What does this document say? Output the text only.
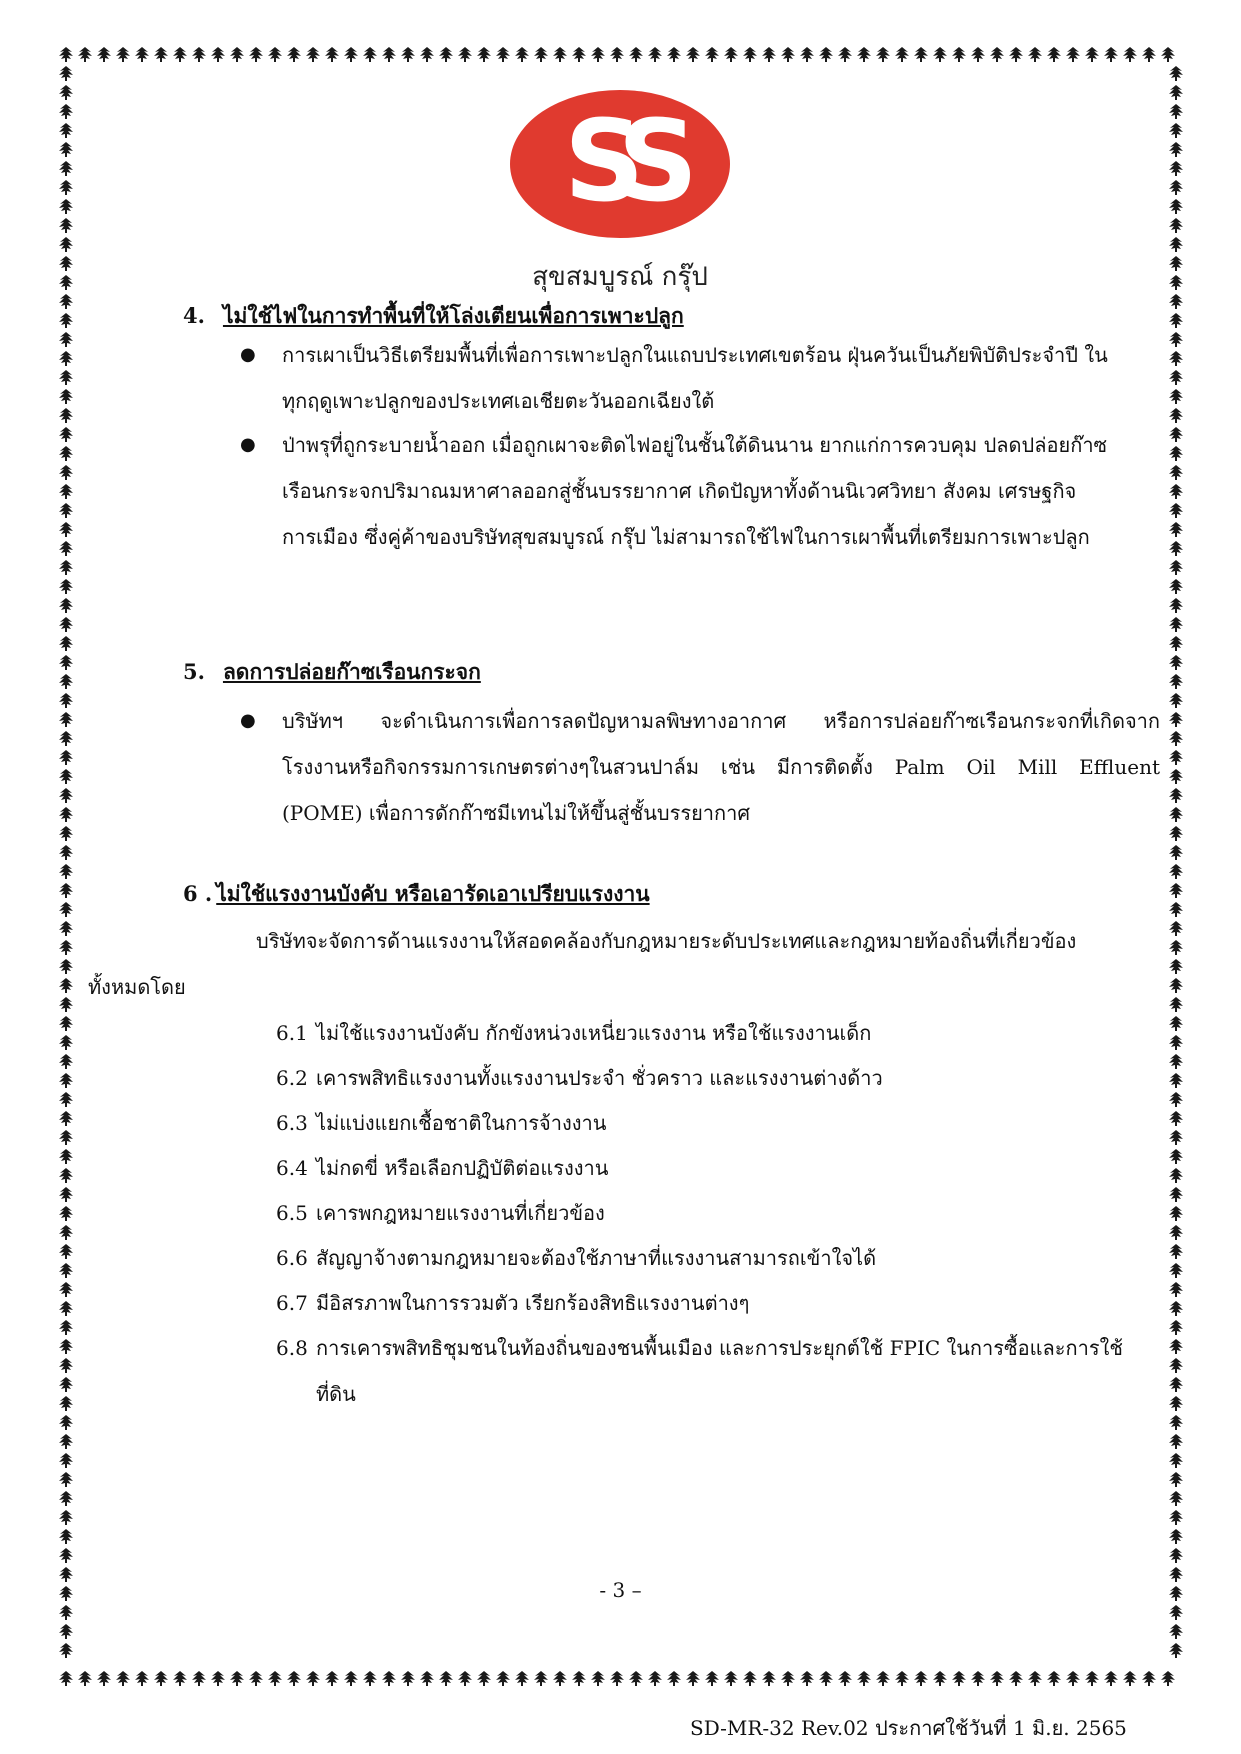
SS
สุขสมบูรณ์ กรุ๊ป
4. ไม่ใช้ไฟในการทำพื้นที่ให้โล่งเตียนเพื่อการเพาะปลูก
● การเผาเป็นวิธีเตรียมพื้นที่เพื่อการเพาะปลูกในแถบประเทศเขตร้อน ฝุ่นควันเป็นภัยพิบัติประจำปี ใน
ทุกฤดูเพาะปลูกของประเทศเอเชียตะวันออกเฉียงใต้
● ป่าพรุที่ถูกระบายน้ำออก เมื่อถูกเผาจะติดไฟอยู่ในชั้นใต้ดินนาน ยากแก่การควบคุม ปลดปล่อยก๊าซ
เรือนกระจกปริมาณมหาศาลออกสู่ชั้นบรรยากาศ เกิดปัญหาทั้งด้านนิเวศวิทยา สังคม เศรษฐกิจ
การเมือง ซึ่งคู่ค้าของบริษัทสุขสมบูรณ์ กรุ๊ป ไม่สามารถใช้ไฟในการเผาพื้นที่เตรียมการเพาะปลูก
5. ลดการปล่อยก๊าซเรือนกระจก
● บริษัทฯ จะดำเนินการเพื่อการลดปัญหามลพิษทางอากาศ หรือการปล่อยก๊าซเรือนกระจกที่เกิดจาก
โรงงานหรือกิจกรรมการเกษตรต่างๆในสวนปาล์ม เช่น มีการติดตั้ง Palm Oil Mill Effluent
(POME) เพื่อการดักก๊าซมีเทนไม่ให้ขึ้นสู่ชั้นบรรยากาศ
6 . ไม่ใช้แรงงานบังคับ หรือเอารัดเอาเปรียบแรงงาน
บริษัทจะจัดการด้านแรงงานให้สอดคล้องกับกฎหมายระดับประเทศและกฎหมายท้องถิ่นที่เกี่ยวข้อง
ทั้งหมดโดย
6.1 ไม่ใช้แรงงานบังคับ กักขังหน่วงเหนี่ยวแรงงาน หรือใช้แรงงานเด็ก
6.2 เคารพสิทธิแรงงานทั้งแรงงานประจำ ชั่วคราว และแรงงานต่างด้าว
6.3 ไม่แบ่งแยกเชื้อชาติในการจ้างงาน
6.4 ไม่กดขี่ หรือเลือกปฏิบัติต่อแรงงาน
6.5 เคารพกฎหมายแรงงานที่เกี่ยวข้อง
6.6 สัญญาจ้างตามกฎหมายจะต้องใช้ภาษาที่แรงงานสามารถเข้าใจได้
6.7 มีอิสรภาพในการรวมตัว เรียกร้องสิทธิแรงงานต่างๆ
6.8 การเคารพสิทธิชุมชนในท้องถิ่นของชนพื้นเมือง และการประยุกต์ใช้ FPIC ในการซื้อและการใช้
ที่ดิน
- 3 –
SD-MR-32 Rev.02 ประกาศใช้วันที่ 1 มิ.ย. 2565
